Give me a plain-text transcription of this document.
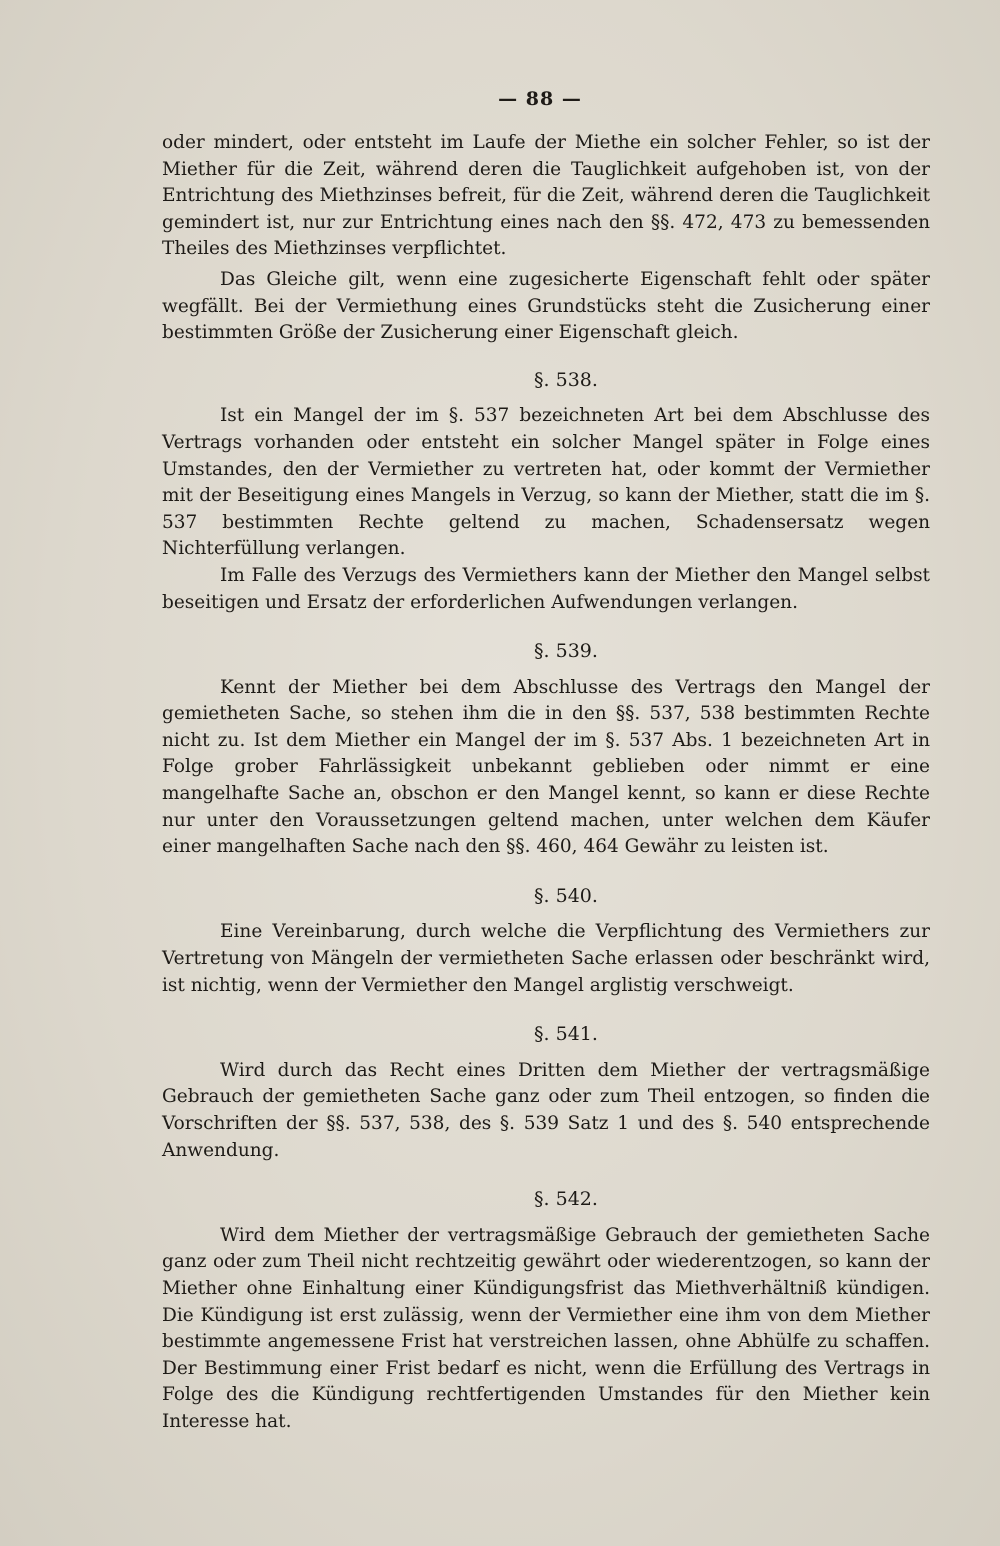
— 88 —

oder mindert, oder entsteht im Laufe der Miethe ein solcher Fehler, so ist der Miether für die Zeit, während deren die Tauglichkeit aufgehoben ist, von der Entrichtung des Miethzinses befreit, für die Zeit, während deren die Tauglichkeit gemindert ist, nur zur Entrichtung eines nach den §§. 472, 473 zu bemessenden Theiles des Miethzinses verpflichtet.

Das Gleiche gilt, wenn eine zugesicherte Eigenschaft fehlt oder später wegfällt. Bei der Vermiethung eines Grundstücks steht die Zusicherung einer bestimmten Größe der Zusicherung einer Eigenschaft gleich.

§. 538.

Ist ein Mangel der im §. 537 bezeichneten Art bei dem Abschlusse des Vertrags vorhanden oder entsteht ein solcher Mangel später in Folge eines Umstandes, den der Vermiether zu vertreten hat, oder kommt der Vermiether mit der Beseitigung eines Mangels in Verzug, so kann der Miether, statt die im §. 537 bestimmten Rechte geltend zu machen, Schadensersatz wegen Nichterfüllung verlangen.

Im Falle des Verzugs des Vermiethers kann der Miether den Mangel selbst beseitigen und Ersatz der erforderlichen Aufwendungen verlangen.

§. 539.

Kennt der Miether bei dem Abschlusse des Vertrags den Mangel der gemietheten Sache, so stehen ihm die in den §§. 537, 538 bestimmten Rechte nicht zu. Ist dem Miether ein Mangel der im §. 537 Abs. 1 bezeichneten Art in Folge grober Fahrlässigkeit unbekannt geblieben oder nimmt er eine mangelhafte Sache an, obschon er den Mangel kennt, so kann er diese Rechte nur unter den Voraussetzungen geltend machen, unter welchen dem Käufer einer mangelhaften Sache nach den §§. 460, 464 Gewähr zu leisten ist.

§. 540.

Eine Vereinbarung, durch welche die Verpflichtung des Vermiethers zur Vertretung von Mängeln der vermietheten Sache erlassen oder beschränkt wird, ist nichtig, wenn der Vermiether den Mangel arglistig verschweigt.

§. 541.

Wird durch das Recht eines Dritten dem Miether der vertragsmäßige Gebrauch der gemietheten Sache ganz oder zum Theil entzogen, so finden die Vorschriften der §§. 537, 538, des §. 539 Satz 1 und des §. 540 entsprechende Anwendung.

§. 542.

Wird dem Miether der vertragsmäßige Gebrauch der gemietheten Sache ganz oder zum Theil nicht rechtzeitig gewährt oder wiederentzogen, so kann der Miether ohne Einhaltung einer Kündigungsfrist das Miethverhältniß kündigen. Die Kündigung ist erst zulässig, wenn der Vermiether eine ihm von dem Miether bestimmte angemessene Frist hat verstreichen lassen, ohne Abhülfe zu schaffen. Der Bestimmung einer Frist bedarf es nicht, wenn die Erfüllung des Vertrags in Folge des die Kündigung rechtfertigenden Umstandes für den Miether kein Interesse hat.
